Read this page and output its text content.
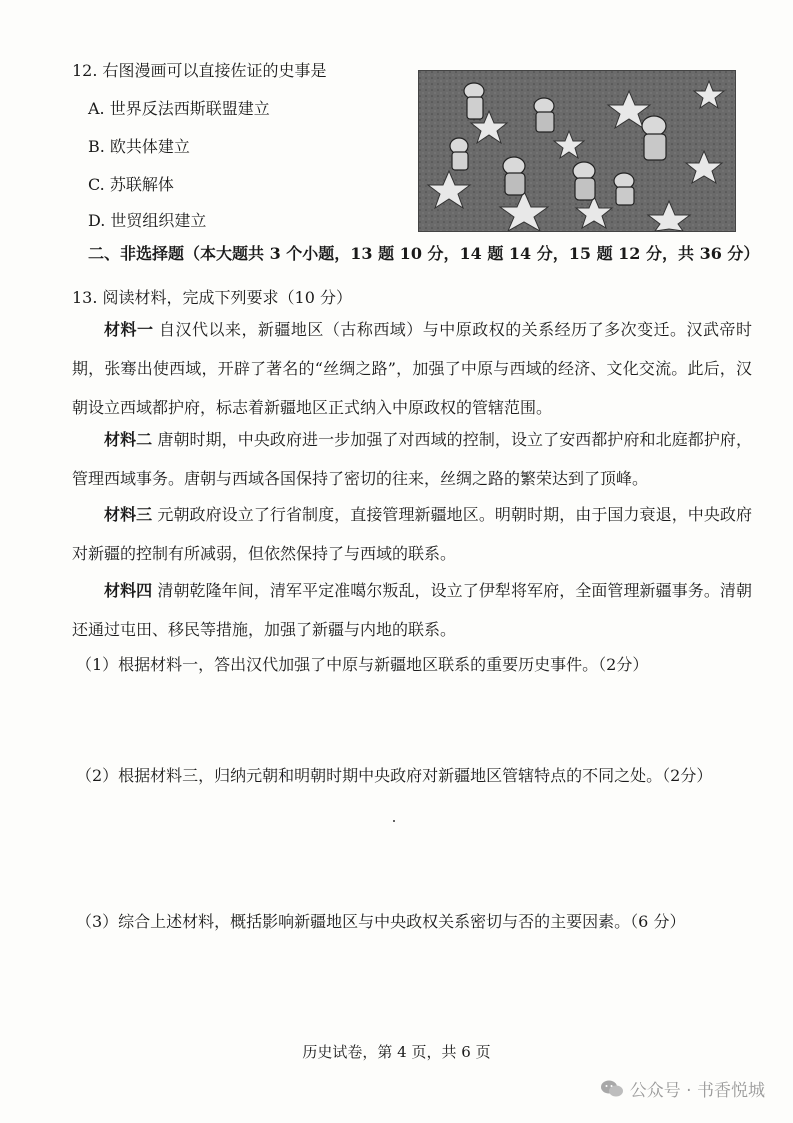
12. 右图漫画可以直接佐证的史事是
A. 世界反法西斯联盟建立
B. 欧共体建立
C. 苏联解体
D. 世贸组织建立
二、非选择题（本大题共 3 个小题，13 题 10 分，14 题 14 分，15 题 12 分，共 36 分）
13. 阅读材料，完成下列要求（10 分）
材料一 自汉代以来，新疆地区（古称西域）与中原政权的关系经历了多次变迁。汉武帝时期，张骞出使西域，开辟了著名的“丝绸之路”，加强了中原与西域的经济、文化交流。此后，汉朝设立西域都护府，标志着新疆地区正式纳入中原政权的管辖范围。
材料二 唐朝时期，中央政府进一步加强了对西域的控制，设立了安西都护府和北庭都护府，管理西域事务。唐朝与西域各国保持了密切的往来，丝绸之路的繁荣达到了顶峰。
材料三 元朝政府设立了行省制度，直接管理新疆地区。明朝时期，由于国力衰退，中央政府对新疆的控制有所减弱，但依然保持了与西域的联系。
材料四 清朝乾隆年间，清军平定准噶尔叛乱，设立了伊犁将军府，全面管理新疆事务。清朝还通过屯田、移民等措施，加强了新疆与内地的联系。
（1）根据材料一，答出汉代加强了中原与新疆地区联系的重要历史事件。（2分）
（2）根据材料三，归纳元朝和明朝时期中央政府对新疆地区管辖特点的不同之处。（2分）
（3）综合上述材料，概括影响新疆地区与中央政权关系密切与否的主要因素。（6 分）
历史试卷，第 4 页，共 6 页
公众号 · 书香悦城
